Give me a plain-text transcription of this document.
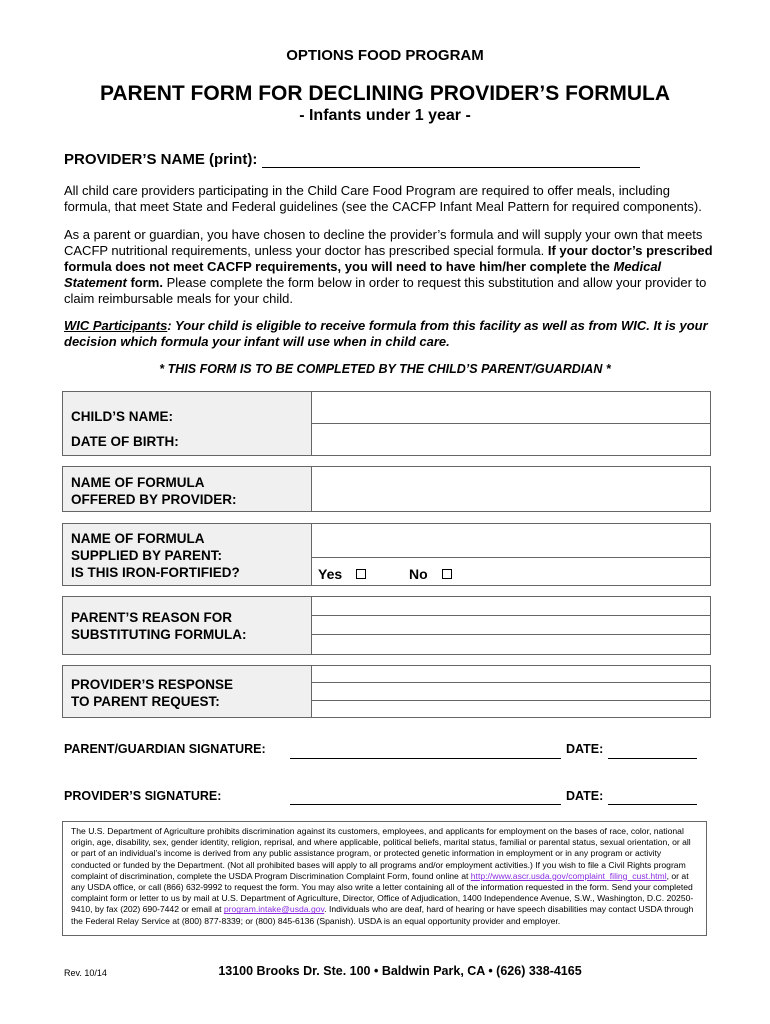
OPTIONS FOOD PROGRAM
PARENT FORM FOR DECLINING PROVIDER’S FORMULA
- Infants under 1 year -
PROVIDER’S NAME (print):
All child care providers participating in the Child Care Food Program are required to offer meals, including formula, that meet State and Federal guidelines (see the CACFP Infant Meal Pattern for required components).
As a parent or guardian, you have chosen to decline the provider’s formula and will supply your own that meets CACFP nutritional requirements, unless your doctor has prescribed special formula. If your doctor’s prescribed formula does not meet CACFP requirements, you will need to have him/her complete the Medical Statement form. Please complete the form below in order to request this substitution and allow your provider to claim reimbursable meals for your child.
WIC Participants: Your child is eligible to receive formula from this facility as well as from WIC. It is your decision which formula your infant will use when in child care.
* THIS FORM IS TO BE COMPLETED BY THE CHILD’S PARENT/GUARDIAN *
CHILD’S NAME:
DATE OF BIRTH:
NAME OF FORMULA
OFFERED BY PROVIDER:
NAME OF FORMULA
SUPPLIED BY PARENT:
IS THIS IRON-FORTIFIED?	Yes	No
PARENT’S REASON FOR
SUBSTITUTING FORMULA:
PROVIDER’S RESPONSE
TO PARENT REQUEST:
PARENT/GUARDIAN SIGNATURE:	DATE:
PROVIDER’S SIGNATURE:	DATE:
The U.S. Department of Agriculture prohibits discrimination against its customers, employees, and applicants for employment on the bases of race, color, national origin, age, disability, sex, gender identity, religion, reprisal, and where applicable, political beliefs, marital status, familial or parental status, sexual orientation, or all or part of an individual’s income is derived from any public assistance program, or protected genetic information in employment or in any program or activity conducted or funded by the Department. (Not all prohibited bases will apply to all programs and/or employment activities.) If you wish to file a Civil Rights program complaint of discrimination, complete the USDA Program Discrimination Complaint Form, found online at http://www.ascr.usda.gov/complaint_filing_cust.html, or at any USDA office, or call (866) 632-9992 to request the form. You may also write a letter containing all of the information requested in the form. Send your completed complaint form or letter to us by mail at U.S. Department of Agriculture, Director, Office of Adjudication, 1400 Independence Avenue, S.W., Washington, D.C. 20250-9410, by fax (202) 690-7442 or email at program.intake@usda.gov. Individuals who are deaf, hard of hearing or have speech disabilities may contact USDA through the Federal Relay Service at (800) 877-8339; or (800) 845-6136 (Spanish). USDA is an equal opportunity provider and employer.
Rev. 10/14	13100 Brooks Dr. Ste. 100 • Baldwin Park, CA • (626) 338-4165
